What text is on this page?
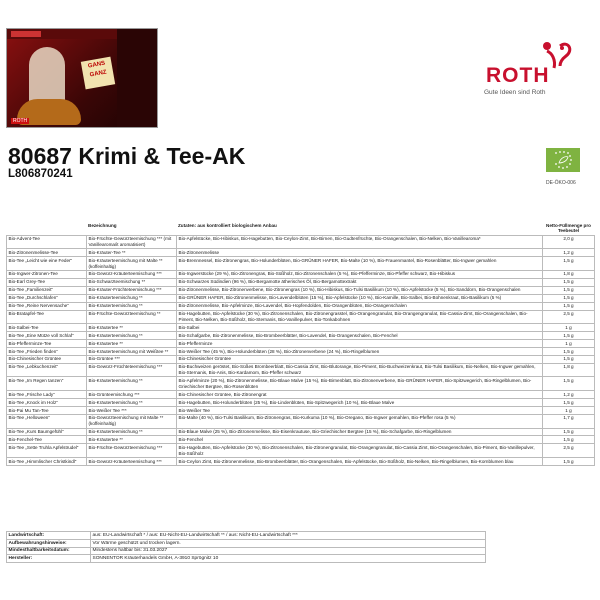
GANS
GANZ
ROTH
ROTH
Gute Ideen sind Roth
80687 Krimi & Tee-AK
L806870241
DE-ÖKO-006
	Bezeichnung	Zutaten: aus kontrolliert biologischem Anbau	Netto-Füllmenge pro Teebeutel
Bio-Advent-Tee	Bio-Früchte-Gewürzteemischung *** (mit Vanillearoma/it aromatisiert)	Bio-Apfelstücke, Bio-Hibiskus, Bio-Hagebutten, Bio-Ceylon-Zimt, Bio-Birnen, Bio-Gudtenfrüchte, Bio-Orangenschalen, Bio-Nelken, Bio-Vanillearoma*	2,0 g
Bio-Zitronenmelisse-Tee	Bio-Kräuter-Tee **	Bio-Zitronenmelisse	1,2 g
Bio-Tee „Leicht wie eine Feder“	Bio-Kräuterteemischung mit Malte ** (koffeinhaltig)	Bio-Brennnessel, Bio-Zitronengras, Bio-Holunderblüten, Bio-GRÜNER HAFER, Bio-Malte (10 %), Bio-Frauenmantel, Bio-Rosenblätter, Bio-Ingwer gemahlen	1,5 g
Bio-Ingwer-Zitronen-Tee	Bio-Gewürz-Kräuterteemischung ***	Bio-Ingwerstücke (29 %), Bio-Zitronengras, Bio-Süßholz, Bio-Zitronenschalen (5 %), Bio-Pfefferminze, Bio-Pfeffer schwarz, Bio-Hibiskus	1,8 g
Bio-Earl Grey-Tee	Bio-Schwarzteemischung **	Bio-Schwarzes Südindien (96 %), Bio-Bergamotte ätherisches Öl, Bio-Bergamottextrakt	1,5 g
Bio-Tee „Familienzeit“	Bio-Kräuter-Früchteteemischung ***	Bio-Zitronenmelisse, Bio-Zitronenverbene, Bio-Zitronengras (10 %), Bio-Hibiskus, Bio-Tulsi Basilikum (10 %), Bio-Apfelstücke (5 %), Bio-Sanddorn, Bio-Orangenschalen	1,5 g
Bio-Tee „Durchschlafen“	Bio-Kräuterteemischung **	Bio-GRÜNER HAFER, Bio-Zitronenmelisse, Bio-Lavendelblüten (15 %), Bio-Apfelstücke (10 %), Bio-Kamille, Bio-Salbei, Bio-Bohnenkraut, Bio-Basilikum (5 %)	1,5 g
Bio-Tee „Reine Nervensache“	Bio-Kräuterteemischung **	Bio-Zitronenmelisse, Bio-Apfelminze, Bio-Lavendel, Bio-Hopfendolden, Bio-Orangenblüten, Bio-Orangenschalen	1,5 g
Bio-Bratapfel-Tee	Bio-Früchte-Gewürzteemischung **	Bio-Hagebutten, Bio-Apfelstücke (30 %), Bio-Zitronenschalen, Bio-Zitronengrasstel, Bio-Orangengranulat, Bio-Orangengranulat, Bio-Cassia-Zimt, Bio-Orangenschalen, Bio-Piment, Bio-Nelken, Bio-Süßholz, Bio-Sternanis, Bio-Vanillepulver, Bio-Tonkabohnen	2,5 g
Bio-Salbei-Tee	Bio-Kräutertee **	Bio-Salbei	1 g
Bio-Tee „Eine Mütze voll Schlaf“	Bio-Kräuterteemischung **	Bio-Schafgarbe, Bio-Zitronenmelisse, Bio-Brombeerblätter, Bio-Lavendel, Bio-Orangenschalen, Bio-Fenchel	1,5 g
Bio-Pfefferminze-Tee	Bio-Kräutertee **	Bio-Pfefferminze	1 g
Bio-Tee „Frieden finden“	Bio-Kräuterteemischung mit Weißtee **	Bio-Weißer Tee (45 %), Bio-Holunderblüten (28 %), Bio-Zitronenverbene (24 %), Bio-Ringelblumen	1,5 g
Bio-Chinesischer Grüntee	Bio-Grüntee ***	Bio-Chinesischer Grüntee	1,5 g
Bio-Tee „Lebkuchenzeit“	Bio-Gewürz-Früchteteemischung ***	Bio-Buchweizen geröstet, Bio-Süßes Brombeerblatt, Bio-Cassia Zimt, Bio-Blutorange, Bio-Piment, Bio-Buchweizenkraut, Bio-Tulsi Basilikum, Bio-Nelken, Bio-Ingwer gemahlen, Bio-Sternanis, Bio-Anis, Bio-Kardamom, Bio-Pfeffer schwarz	1,8 g
Bio-Tee „Im Regen tanzen“	Bio-Kräuterteemischung **	Bio-Apfelminze (20 %), Bio-Zitronenmelisse, Bio-Blaue Malve (15 %), Bio-Birnenblatt, Bio-Zitronenverbene, Bio-GRÜNER HAFER, Bio-Spitzwegerich, Bio-Ringelblumen, Bio-Griechischer Bergtee, Bio-Rosenblüten	1,5 g
Bio-Tee „Frische Lady“	Bio-Grünteemischung ***	Bio-Chinesischer Grüntee, Bio-Zitronengrat	1,2 g
Bio-Tee „Knock im Holz“	Bio-Kräuterteemischung **	Bio-Hagebutten, Bio-Holunderblüten (25 %), Bio-Lindenblüten, Bio-Spitzwegerich (10 %), Bio-Blaue Malve	1,5 g
Bio-Pai Mu Tan-Tee	Bio-Weißer Tee ***	Bio-Weißer Tee	1 g
Bio-Tee „Helloween“	Bio-Gewürzteemischung mit Malte ** (koffeinhaltig)	Bio-Malte (40 %), Bio-Tulsi Basilikum, Bio-Zitronengras, Bio-Kurkuma (10 %), Bio-Oregano, Bio-Ingwer gemahlen, Bio-Pfeffer rosa (5 %)	1,7 g
Bio-Tee „Kurs Baumgefühl“	Bio-Kräuterteemischung **	Bio-Blaue Malve (25 %), Bio-Zitronenmelisse, Bio-Eisenkrautuse, Bio-Griechischer Bergtee (15 %), Bio-Schafgarbe, Bio-Ringelblumen	1,5 g
Bio-Fenchel-Tee	Bio-Kräutertee **	Bio-Fenchel	1,5 g
Bio-Tee „Sette Truhla Apfelstrudel“	Bio-Früchte-Gewürzteemischung ***	Bio-Hagebutten, Bio-Apfelstücke (30 %), Bio-Zitronenschalen, Bio-Zitronengranulat, Bio-Orangengranulat, Bio-Cassia Zimt, Bio-Orangenschalen, Bio-Piment, Bio-Vanillepulver, Bio-Süßholz	2,5 g
Bio-Tee „Himmlischer Christkindl“	Bio-Gewürz-Kräuterteemischung ***	Bio-Ceylon Zimt, Bio-Zitronenmelisse, Bio-Brombeerblätter, Bio-Orangenschalen, Bio-Apfelstücke, Bio-Süßholz, Bio-Nelken, Bio-Ringelblumen, Bio-Kornblumen blau	1,5 g
Landwirtschaft:	aus: EU-Landwirtschaft * / aus: EU-Nicht-EU-Landwirtschaft ** / aus: Nicht-EU-Landwirtschaft ***
Aufbewahrungshinweise:	Vor Wärme geschützt und trocken lagern.
Mindesthaltbarkeitsdatum:	Mindestens haltbar bis: 31.03.2027
Hersteller:	SONNENTOR Kräuterhandels GmbH, A-3910 Sprögnitz 10
